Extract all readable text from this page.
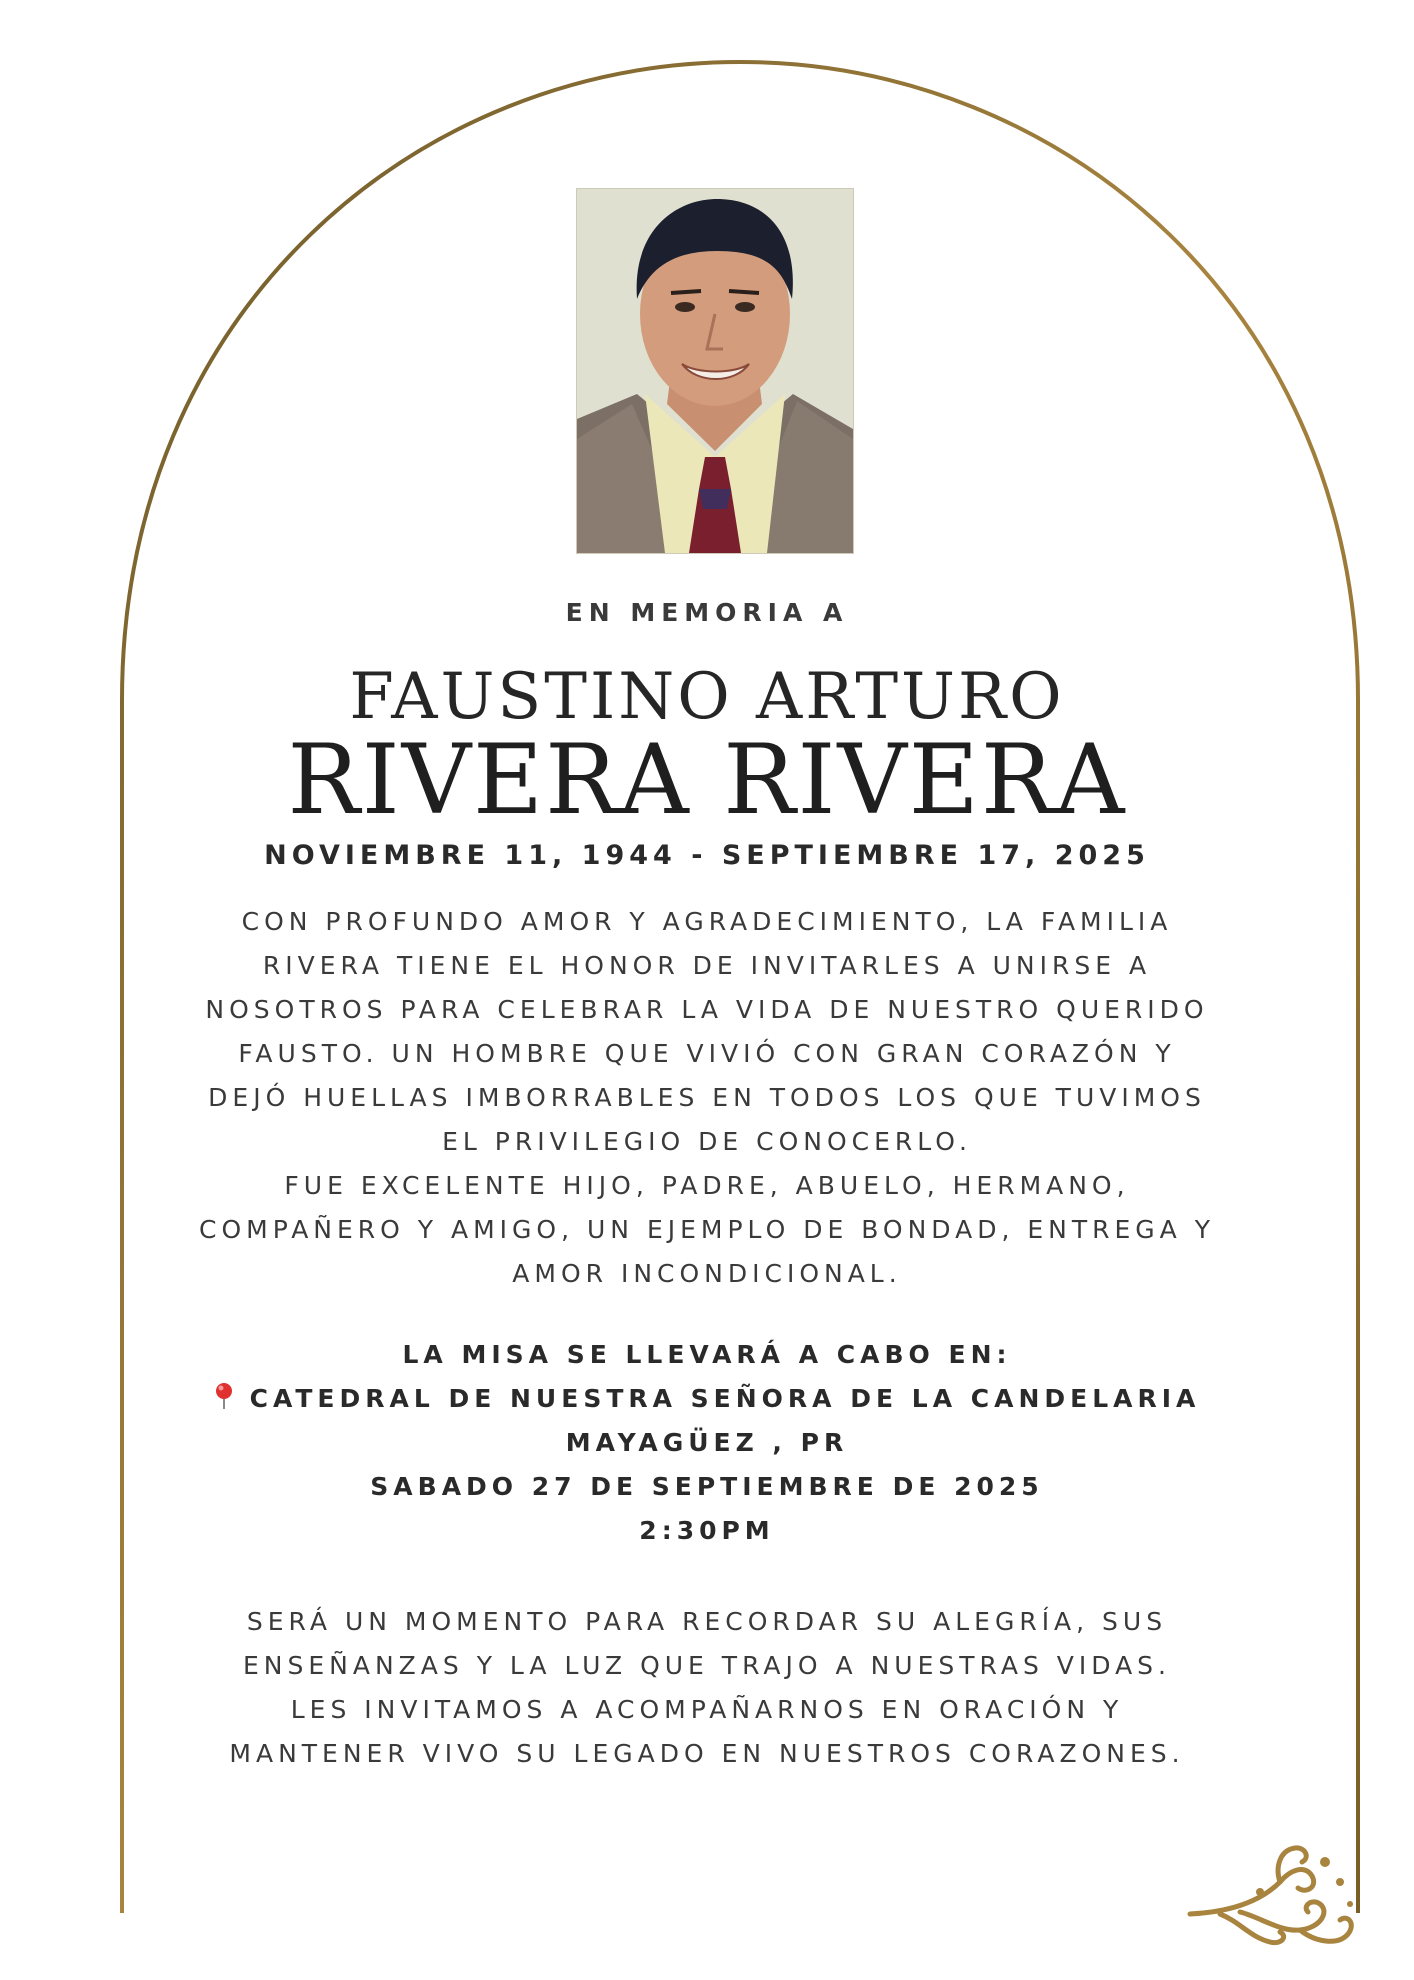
EN MEMORIA A
FAUSTINO ARTURO
RIVERA RIVERA
NOVIEMBRE 11, 1944 - SEPTIEMBRE 17, 2025
CON PROFUNDO AMOR Y AGRADECIMIENTO, LA FAMILIA
RIVERA TIENE EL HONOR DE INVITARLES A UNIRSE A
NOSOTROS PARA CELEBRAR LA VIDA DE NUESTRO QUERIDO
FAUSTO. UN HOMBRE QUE VIVIÓ CON GRAN CORAZÓN Y
DEJÓ HUELLAS IMBORRABLES EN TODOS LOS QUE TUVIMOS
EL PRIVILEGIO DE CONOCERLO.
FUE EXCELENTE HIJO, PADRE, ABUELO, HERMANO,
COMPAÑERO Y AMIGO, UN EJEMPLO DE BONDAD, ENTREGA Y
AMOR INCONDICIONAL.
LA MISA SE LLEVARÁ A CABO EN:
CATEDRAL DE NUESTRA SEÑORA DE LA CANDELARIA
MAYAGÜEZ , PR
SABADO 27 DE SEPTIEMBRE DE 2025
2:30PM
SERÁ UN MOMENTO PARA RECORDAR SU ALEGRÍA, SUS
ENSEÑANZAS Y LA LUZ QUE TRAJO A NUESTRAS VIDAS.
LES INVITAMOS A ACOMPAÑARNOS EN ORACIÓN Y
MANTENER VIVO SU LEGADO EN NUESTROS CORAZONES.
